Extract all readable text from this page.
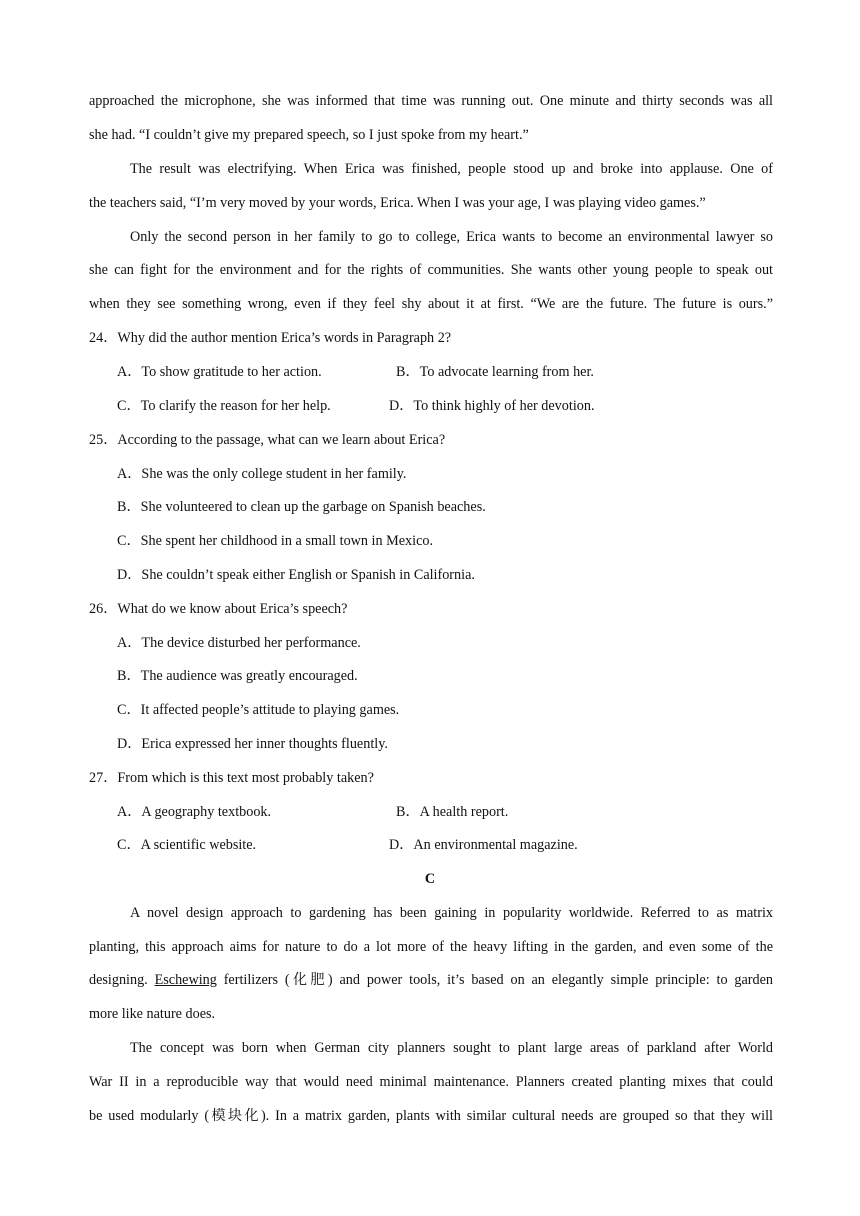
approached the microphone, she was informed that time was running out. One minute and thirty seconds was all
she had. “I couldn’t give my prepared speech, so I just spoke from my heart.”
The result was electrifying. When Erica was finished, people stood up and broke into applause. One of
the teachers said, “I’m very moved by your words, Erica. When I was your age, I was playing video games.”
Only the second person in her family to go to college, Erica wants to become an environmental lawyer so
she can fight for the environment and for the rights of communities. She wants other young people to speak out
when they see something wrong, even if they feel shy about it at first. “We are the future. The future is ours.”
24．Why did the author mention Erica’s words in Paragraph 2?
A．To show gratitude to her action.	B．To advocate learning from her.
C．To clarify the reason for her help.	D．To think highly of her devotion.
25．According to the passage, what can we learn about Erica?
A．She was the only college student in her family.
B．She volunteered to clean up the garbage on Spanish beaches.
C．She spent her childhood in a small town in Mexico.
D．She couldn’t speak either English or Spanish in California.
26．What do we know about Erica’s speech?
A．The device disturbed her performance.
B．The audience was greatly encouraged.
C．It affected people’s attitude to playing games.
D．Erica expressed her inner thoughts fluently.
27．From which is this text most probably taken?
A．A geography textbook.	B．A health report.
C．A scientific website.	D．An environmental magazine.
C
A novel design approach to gardening has been gaining in popularity worldwide. Referred to as matrix
planting, this approach aims for nature to do a lot more of the heavy lifting in the garden, and even some of the
designing. Eschewing fertilizers (化肥) and power tools, it’s based on an elegantly simple principle: to garden
more like nature does.
The concept was born when German city planners sought to plant large areas of parkland after World
War II in a reproducible way that would need minimal maintenance. Planners created planting mixes that could
be used modularly (模块化). In a matrix garden, plants with similar cultural needs are grouped so that they will
